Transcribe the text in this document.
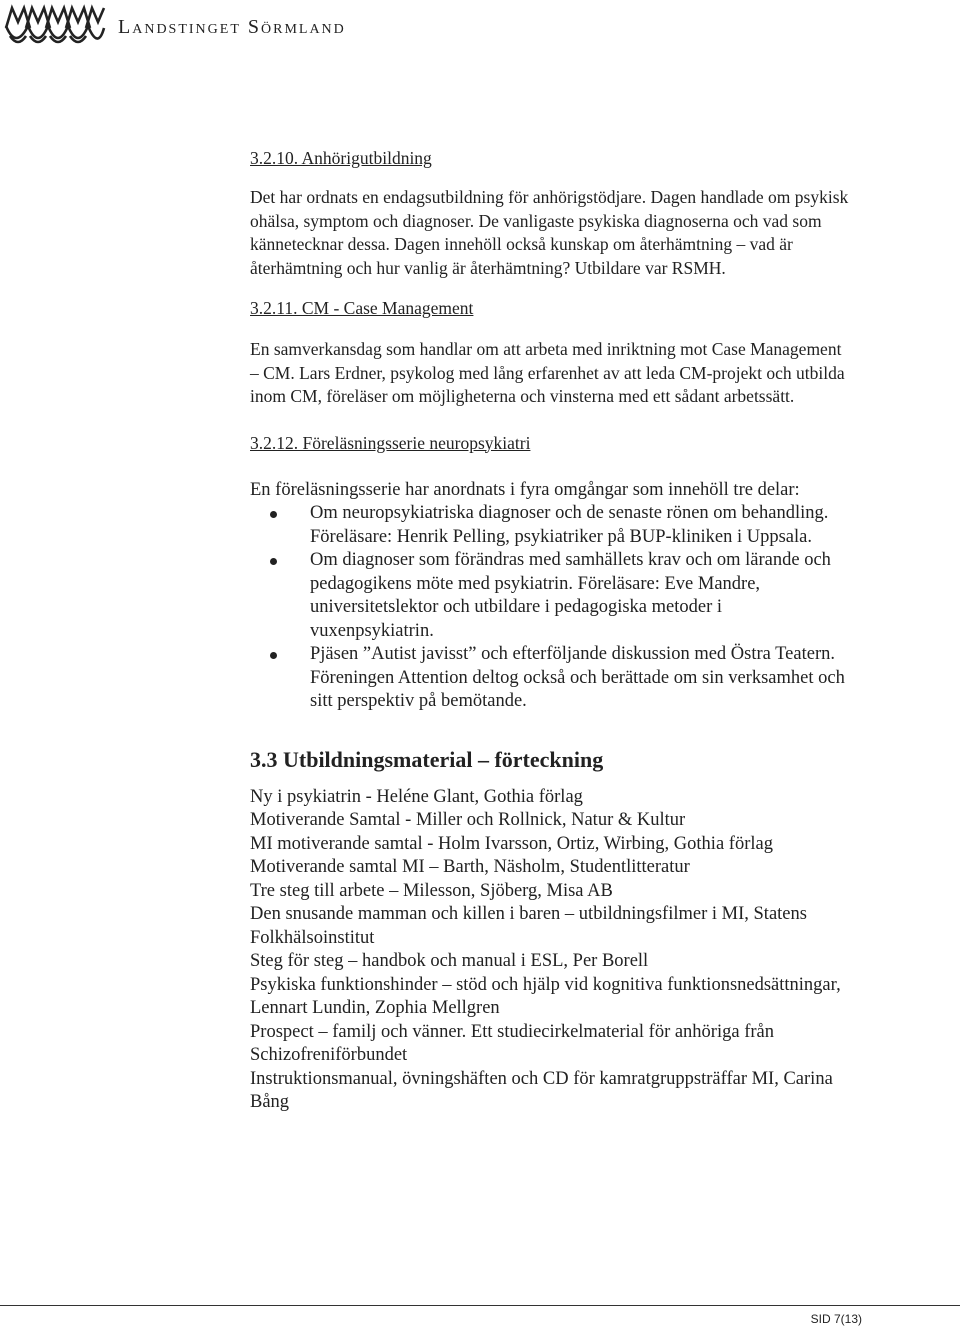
Landstinget Sörmland
3.2.10. Anhörigutbildning

Det har ordnats en endagsutbildning för anhörigstödjare. Dagen handlade om psykisk ohälsa, symptom och diagnoser. De vanligaste psykiska diagnoserna och vad som kännetecknar dessa. Dagen innehöll också kunskap om återhämtning – vad är återhämtning och hur vanlig är återhämtning? Utbildare var RSMH.

3.2.11. CM - Case Management

En samverkansdag som handlar om att arbeta med inriktning mot Case Management – CM. Lars Erdner, psykolog med lång erfarenhet av att leda CM-projekt och utbilda inom CM, föreläser om möjligheterna och vinsterna med ett sådant arbetssätt.

3.2.12. Föreläsningsserie neuropsykiatri

En föreläsningsserie har anordnats i fyra omgångar som innehöll tre delar:

Om neuropsykiatriska diagnoser och de senaste rönen om behandling. Föreläsare: Henrik Pelling, psykiatriker på BUP-kliniken i Uppsala.
Om diagnoser som förändras med samhällets krav och om lärande och pedagogikens möte med psykiatrin. Föreläsare: Eve Mandre, universitetslektor och utbildare i pedagogiska metoder i vuxenpsykiatrin.
Pjäsen ”Autist javisst” och efterföljande diskussion med Östra Teatern. Föreningen Attention deltog också och berättade om sin verksamhet och sitt perspektiv på bemötande.
3.3 Utbildningsmaterial – förteckning
Ny i psykiatrin - Heléne Glant, Gothia förlag
Motiverande Samtal - Miller och Rollnick, Natur & Kultur
MI motiverande samtal - Holm Ivarsson, Ortiz, Wirbing, Gothia förlag
Motiverande samtal MI – Barth, Näsholm, Studentlitteratur
Tre steg till arbete – Milesson, Sjöberg, Misa AB
Den snusande mamman och killen i baren – utbildningsfilmer i MI, Statens Folkhälsoinstitut
Steg för steg – handbok och manual i ESL, Per Borell
Psykiska funktionshinder – stöd och hjälp vid kognitiva funktionsnedsättningar, Lennart Lundin, Zophia Mellgren
Prospect – familj och vänner. Ett studiecirkelmaterial för anhöriga från Schizofreniförbundet
Instruktionsmanual, övningshäften och CD för kamratgruppsträffar MI, Carina Bång
SID 7(13)
